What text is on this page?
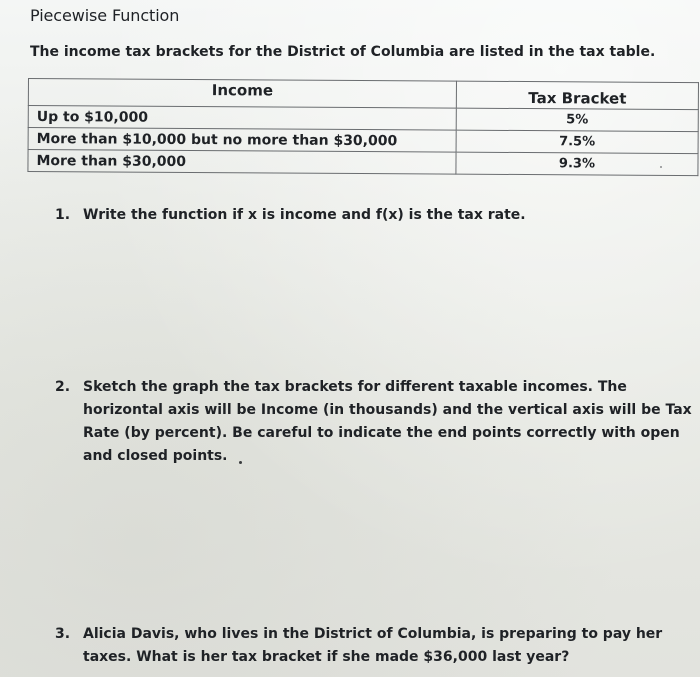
Piecewise Function

The income tax brackets for the District of Columbia are listed in the tax table.

Income	Tax Bracket
Up to $10,000	5%
More than $10,000 but no more than $30,000	7.5%
More than $30,000	9.3%
1. Write the function if x is income and f(x) is the tax rate.
2. Sketch the graph the tax brackets for different taxable incomes. The horizontal axis will be Income (in thousands) and the vertical axis will be Tax Rate (by percent). Be careful to indicate the end points correctly with open and closed points.
3. Alicia Davis, who lives in the District of Columbia, is preparing to pay her taxes. What is her tax bracket if she made $36,000 last year?
